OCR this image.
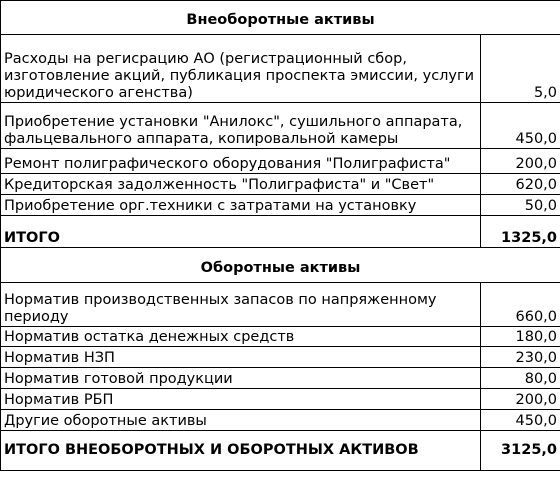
Внеоборотные активы	
Расходы на регисрацию АО (регистрационный сбор, изготовление акций, публикация проспекта эмиссии, услуги юридического агенства)	5,0
Приобретение установки "Анилокс", сушильного аппарата, фальцевального аппарата, копировальной камеры	450,0
Ремонт полиграфического оборудования "Полиграфиста"	200,0
Кредиторская задолженность "Полиграфиста" и "Свет"	620,0
Приобретение орг.техники с затратами на установку	50,0
ИТОГО	1325,0
Оборотные активы	
Норматив производственных запасов по напряженному периоду	660,0
Норматив остатка денежных средств	180,0
Норматив НЗП	230,0
Норматив готовой продукции	80,0
Норматив РБП	200,0
Другие оборотные активы	450,0
ИТОГО ВНЕОБОРОТНЫХ И ОБОРОТНЫХ АКТИВОВ	3125,0
